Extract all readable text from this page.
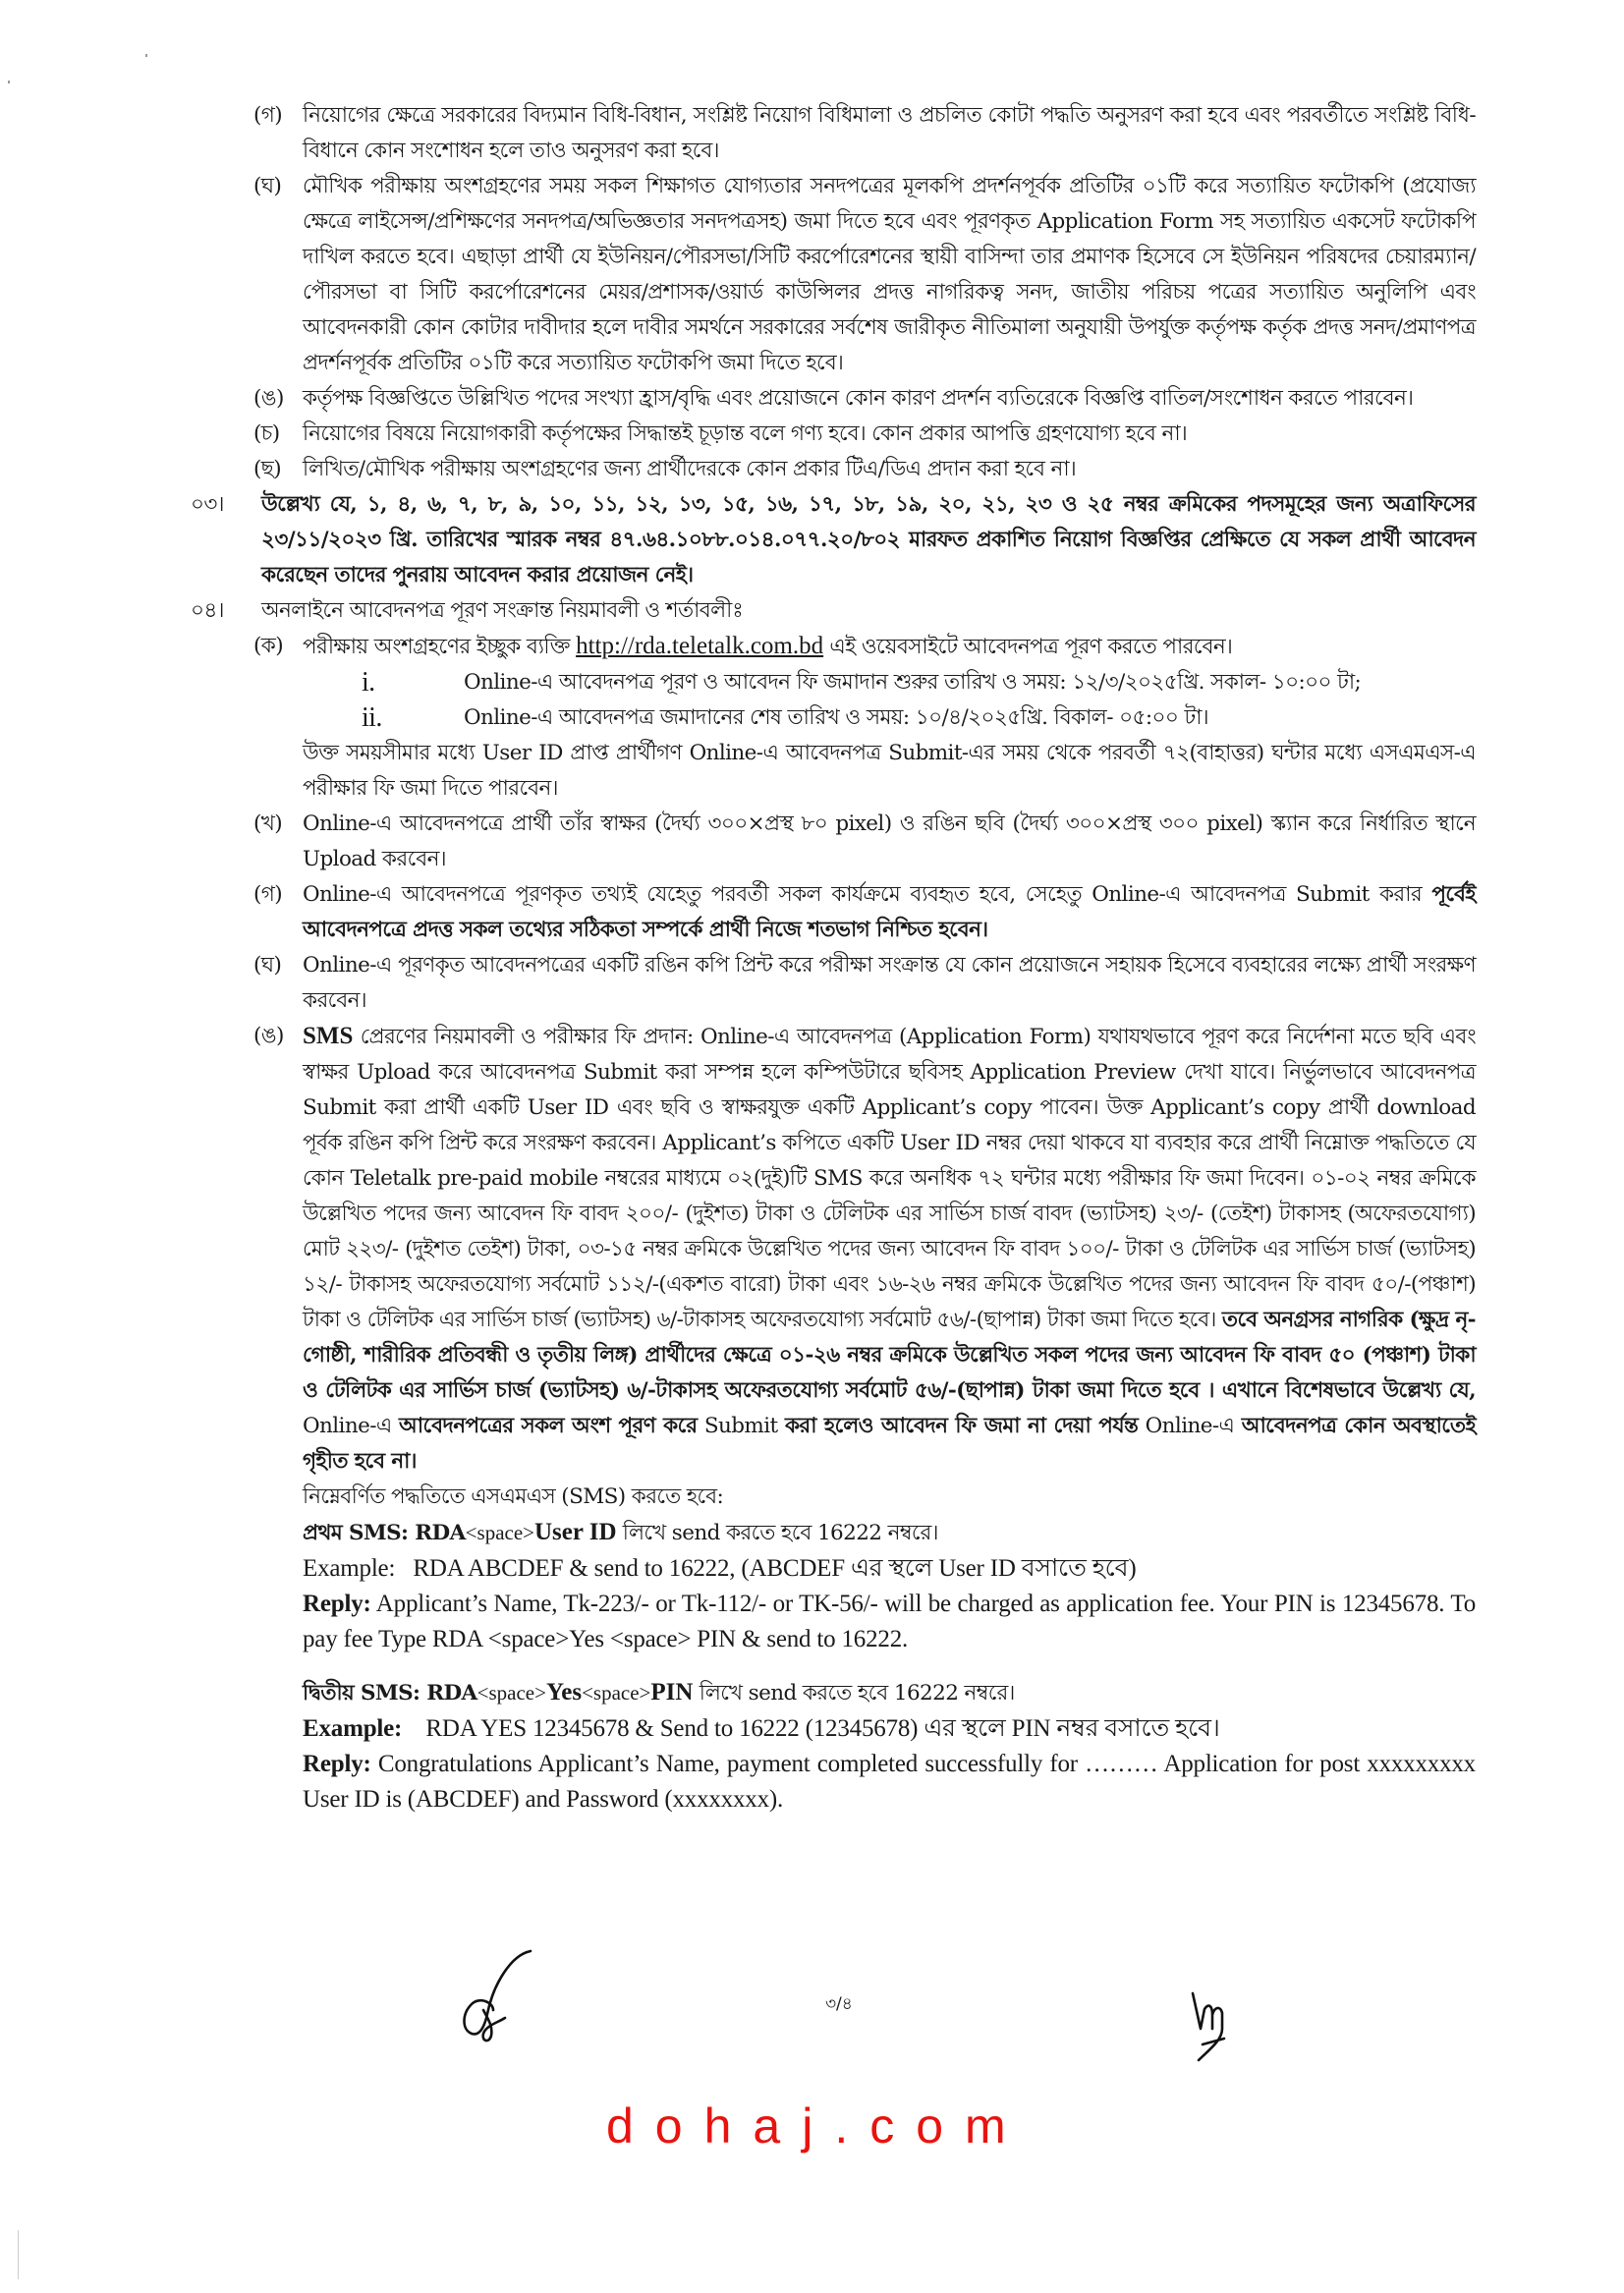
(গ) নিয়োগের ক্ষেত্রে সরকারের বিদ্যমান বিধি-বিধান, সংশ্লিষ্ট নিয়োগ বিধিমালা ও প্রচলিত কোটা পদ্ধতি অনুসরণ করা হবে এবং পরবর্তীতে সংশ্লিষ্ট বিধি-বিধানে কোন সংশোধন হলে তাও অনুসরণ করা হবে।
(ঘ)	মৌখিক পরীক্ষায় অংশগ্রহণের সময় সকল শিক্ষাগত যোগ্যতার সনদপত্রের মূলকপি প্রদর্শনপূর্বক প্রতিটির ০১টি করে সত্যায়িত ফটোকপি (প্রযোজ্য ক্ষেত্রে লাইসেন্স/প্রশিক্ষণের সনদপত্র/অভিজ্ঞতার সনদপত্রসহ) জমা দিতে হবে এবং পূরণকৃত Application Form সহ সত্যায়িত একসেট ফটোকপি দাখিল করতে হবে। এছাড়া প্রার্থী যে ইউনিয়ন/পৌরসভা/সিটি করর্পোরেশনের স্থায়ী বাসিন্দা তার প্রমাণক হিসেবে সে ইউনিয়ন পরিষদের চেয়ারম্যান/পৌরসভা বা সিটি করর্পোরেশনের মেয়র/প্রশাসক/ওয়ার্ড কাউন্সিলর প্রদত্ত নাগরিকত্ব সনদ, জাতীয় পরিচয় পত্রের সত্যায়িত অনুলিপি এবং আবেদনকারী কোন কোটার দাবীদার হলে দাবীর সমর্থনে সরকারের সর্বশেষ জারীকৃত নীতিমালা অনুযায়ী উপর্যুক্ত কর্তৃপক্ষ কর্তৃক প্রদত্ত সনদ/প্রমাণপত্র প্রদর্শনপূর্বক প্রতিটির ০১টি করে সত্যায়িত ফটোকপি জমা দিতে হবে।
(ঙ) কর্তৃপক্ষ বিজ্ঞপ্তিতে উল্লিখিত পদের সংখ্যা হ্রাস/বৃদ্ধি এবং প্রয়োজনে কোন কারণ প্রদর্শন ব্যতিরেকে বিজ্ঞপ্তি বাতিল/সংশোধন করতে পারবেন।
(চ)	নিয়োগের বিষয়ে নিয়োগকারী কর্তৃপক্ষের সিদ্ধান্তই চূড়ান্ত বলে গণ্য হবে। কোন প্রকার আপত্তি গ্রহণযোগ্য হবে না।
(ছ)	লিখিত/মৌখিক পরীক্ষায় অংশগ্রহণের জন্য প্রার্থীদেরকে কোন প্রকার টিএ/ডিএ প্রদান করা হবে না।
০৩।	উল্লেখ্য যে, ১, ৪, ৬, ৭, ৮, ৯, ১০, ১১, ১২, ১৩, ১৫, ১৬, ১৭, ১৮, ১৯, ২০, ২১, ২৩ ও ২৫ নম্বর ক্রমিকের পদসমূহের জন্য অত্রাফিসের ২৩/১১/২০২৩ খ্রি. তারিখের স্মারক নম্বর ৪৭.৬৪.১০৮৮.০১৪.০৭৭.২০/৮০২ মারফত প্রকাশিত নিয়োগ বিজ্ঞপ্তির প্রেক্ষিতে যে সকল প্রার্থী আবেদন করেছেন তাদের পুনরায় আবেদন করার প্রয়োজন নেই।
০৪।	অনলাইনে আবেদনপত্র পূরণ সংক্রান্ত নিয়মাবলী ও শর্তাবলীঃ
(ক) পরীক্ষায় অংশগ্রহণের ইচ্ছুক ব্যক্তি http://rda.teletalk.com.bd এই ওয়েবসাইটে আবেদনপত্র পূরণ করতে পারবেন।
i.	Online-এ আবেদনপত্র পূরণ ও আবেদন ফি জমাদান শুরুর তারিখ ও সময়: ১২/৩/২০২৫খ্রি. সকাল- ১০:০০ টা;
ii.	Online-এ আবেদনপত্র জমাদানের শেষ তারিখ ও সময়: ১০/৪/২০২৫খ্রি. বিকাল- ০৫:০০ টা।
উক্ত সময়সীমার মধ্যে User ID প্রাপ্ত প্রার্থীগণ Online-এ আবেদনপত্র Submit-এর সময় থেকে পরবর্তী ৭২(বাহাত্তর) ঘন্টার মধ্যে এসএমএস-এ পরীক্ষার ফি জমা দিতে পারবেন।
(খ) Online-এ আবেদনপত্রে প্রার্থী তাঁর স্বাক্ষর (দৈর্ঘ্য ৩০০×প্রস্থ ৮০ pixel) ও রঙিন ছবি (দৈর্ঘ্য ৩০০×প্রস্থ ৩০০ pixel) স্ক্যান করে নির্ধারিত স্থানে Upload করবেন।
(গ) Online-এ আবেদনপত্রে পূরণকৃত তথ্যই যেহেতু পরবর্তী সকল কার্যক্রমে ব্যবহৃত হবে, সেহেতু Online-এ আবেদনপত্র Submit করার পূর্বেই আবেদনপত্রে প্রদত্ত সকল তথ্যের সঠিকতা সম্পর্কে প্রার্থী নিজে শতভাগ নিশ্চিত হবেন।
(ঘ)	Online-এ পূরণকৃত আবেদনপত্রের একটি রঙিন কপি প্রিন্ট করে পরীক্ষা সংক্রান্ত যে কোন প্রয়োজনে সহায়ক হিসেবে ব্যবহারের লক্ষ্যে প্রার্থী সংরক্ষণ করবেন।
(ঙ) SMS প্রেরণের নিয়মাবলী ও পরীক্ষার ফি প্রদান: Online-এ আবেদনপত্র (Application Form) যথাযথভাবে পূরণ করে নির্দেশনা মতে ছবি এবং স্বাক্ষর Upload করে আবেদনপত্র Submit করা সম্পন্ন হলে কম্পিউটারে ছবিসহ Application Preview দেখা যাবে। নির্ভুলভাবে আবেদনপত্র Submit করা প্রার্থী একটি User ID এবং ছবি ও স্বাক্ষরযুক্ত একটি Applicant’s copy পাবেন। উক্ত Applicant’s copy প্রার্থী download পূর্বক রঙিন কপি প্রিন্ট করে সংরক্ষণ করবেন। Applicant’s কপিতে একটি User ID নম্বর দেয়া থাকবে যা ব্যবহার করে প্রার্থী নিম্নোক্ত পদ্ধতিতে যে কোন Teletalk pre-paid mobile নম্বরের মাধ্যমে ০২(দুই)টি SMS করে অনধিক ৭২ ঘন্টার মধ্যে পরীক্ষার ফি জমা দিবেন। ০১-০২ নম্বর ক্রমিকে উল্লেখিত পদের জন্য আবেদন ফি বাবদ ২০০/- (দুইশত) টাকা ও টেলিটক এর সার্ভিস চার্জ বাবদ (ভ্যাটসহ) ২৩/- (তেইশ) টাকাসহ (অফেরতযোগ্য) মোট ২২৩/- (দুইশত তেইশ) টাকা, ০৩-১৫ নম্বর ক্রমিকে উল্লেখিত পদের জন্য আবেদন ফি বাবদ ১০০/- টাকা ও টেলিটক এর সার্ভিস চার্জ (ভ্যাটসহ) ১২/- টাকাসহ অফেরতযোগ্য সর্বমোট ১১২/-(একশত বারো) টাকা এবং ১৬-২৬ নম্বর ক্রমিকে উল্লেখিত পদের জন্য আবেদন ফি বাবদ ৫০/-(পঞ্চাশ) টাকা ও টেলিটক এর সার্ভিস চার্জ (ভ্যাটসহ) ৬/-টাকাসহ অফেরতযোগ্য সর্বমোট ৫৬/-(ছাপান্ন) টাকা জমা দিতে হবে। তবে অনগ্রসর নাগরিক (ক্ষুদ্র নৃ-গোষ্ঠী, শারীরিক প্রতিবন্ধী ও তৃতীয় লিঙ্গ) প্রার্থীদের ক্ষেত্রে ০১-২৬ নম্বর ক্রমিকে উল্লেখিত সকল পদের জন্য আবেদন ফি বাবদ ৫০ (পঞ্চাশ) টাকা ও টেলিটক এর সার্ভিস চার্জ (ভ্যাটসহ) ৬/-টাকাসহ অফেরতযোগ্য সর্বমোট ৫৬/-(ছাপান্ন) টাকা জমা দিতে হবে । এখানে বিশেষভাবে উল্লেখ্য যে, Online-এ আবেদনপত্রের সকল অংশ পূরণ করে Submit করা হলেও আবেদন ফি জমা না দেয়া পর্যন্ত Online-এ আবেদনপত্র কোন অবস্থাতেই গৃহীত হবে না।
নিম্নেবর্ণিত পদ্ধতিতে এসএমএস (SMS) করতে হবে:
প্রথম SMS: RDA<space>User ID লিখে send করতে হবে 16222 নম্বরে।
Example: RDA ABCDEF & send to 16222, (ABCDEF এর স্থলে User ID বসাতে হবে)
Reply: Applicant’s Name, Tk-223/- or Tk-112/- or TK-56/- will be charged as application fee. Your PIN is 12345678. To pay fee Type RDA <space>Yes <space> PIN & send to 16222.
দ্বিতীয় SMS: RDA<space>Yes<space>PIN লিখে send করতে হবে 16222 নম্বরে।
Example: RDA YES 12345678 & Send to 16222 (12345678) এর স্থলে PIN নম্বর বসাতে হবে।
Reply: Congratulations Applicant’s Name, payment completed successfully for ……… Application for post xxxxxxxxx User ID is (ABCDEF) and Password (xxxxxxxx).
৩/৪
dohaj.com
